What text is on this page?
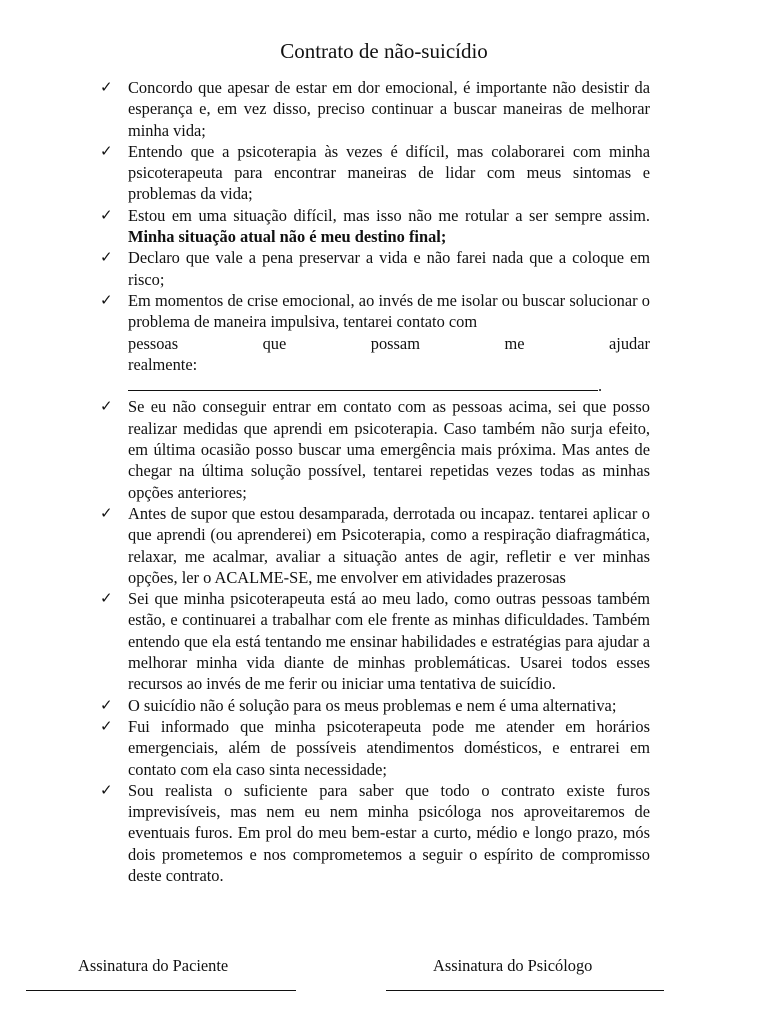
Contrato de não-suicídio
✓ Concordo que apesar de estar em dor emocional, é importante não desistir da esperança e, em vez disso, preciso continuar a buscar maneiras de melhorar minha vida;
✓ Entendo que a psicoterapia às vezes é difícil, mas colaborarei com minha psicoterapeuta para encontrar maneiras de lidar com meus sintomas e problemas da vida;
✓ Estou em uma situação difícil, mas isso não me rotular a ser sempre assim. Minha situação atual não é meu destino final;
✓ Declaro que vale a pena preservar a vida e não farei nada que a coloque em risco;
✓ Em momentos de crise emocional, ao invés de me isolar ou buscar solucionar o problema de maneira impulsiva, tentarei contato com
pessoas	que	possam	me	ajudar
realmente:.
✓ Se eu não conseguir entrar em contato com as pessoas acima, sei que posso realizar medidas que aprendi em psicoterapia. Caso também não surja efeito, em última ocasião posso buscar uma emergência mais próxima. Mas antes de chegar na última solução possível, tentarei repetidas vezes todas as minhas opções anteriores;
✓ Antes de supor que estou desamparada, derrotada ou incapaz. tentarei aplicar o que aprendi (ou aprenderei) em Psicoterapia, como a respiração diafragmática, relaxar, me acalmar, avaliar a situação antes de agir, refletir e ver minhas opções, ler o ACALME-SE, me envolver em atividades prazerosas
✓ Sei que minha psicoterapeuta está ao meu lado, como outras pessoas também estão, e continuarei a trabalhar com ele frente as minhas dificuldades. Também entendo que ela está tentando me ensinar habilidades e estratégias para ajudar a melhorar minha vida diante de minhas problemáticas. Usarei todos esses recursos ao invés de me ferir ou iniciar uma tentativa de suicídio.
✓ O suicídio não é solução para os meus problemas e nem é uma alternativa;
✓ Fui informado que minha psicoterapeuta pode me atender em horários emergenciais, além de possíveis atendimentos domésticos, e entrarei em contato com ela caso sinta necessidade;
✓ Sou realista o suficiente para saber que todo o contrato existe furos imprevisíveis, mas nem eu nem minha psicóloga nos aproveitaremos de eventuais furos. Em prol do meu bem-estar a curto, médio e longo prazo, mós dois prometemos e nos comprometemos a seguir o espírito de compromisso deste contrato.
Assinatura do Paciente	Assinatura do Psicólogo
